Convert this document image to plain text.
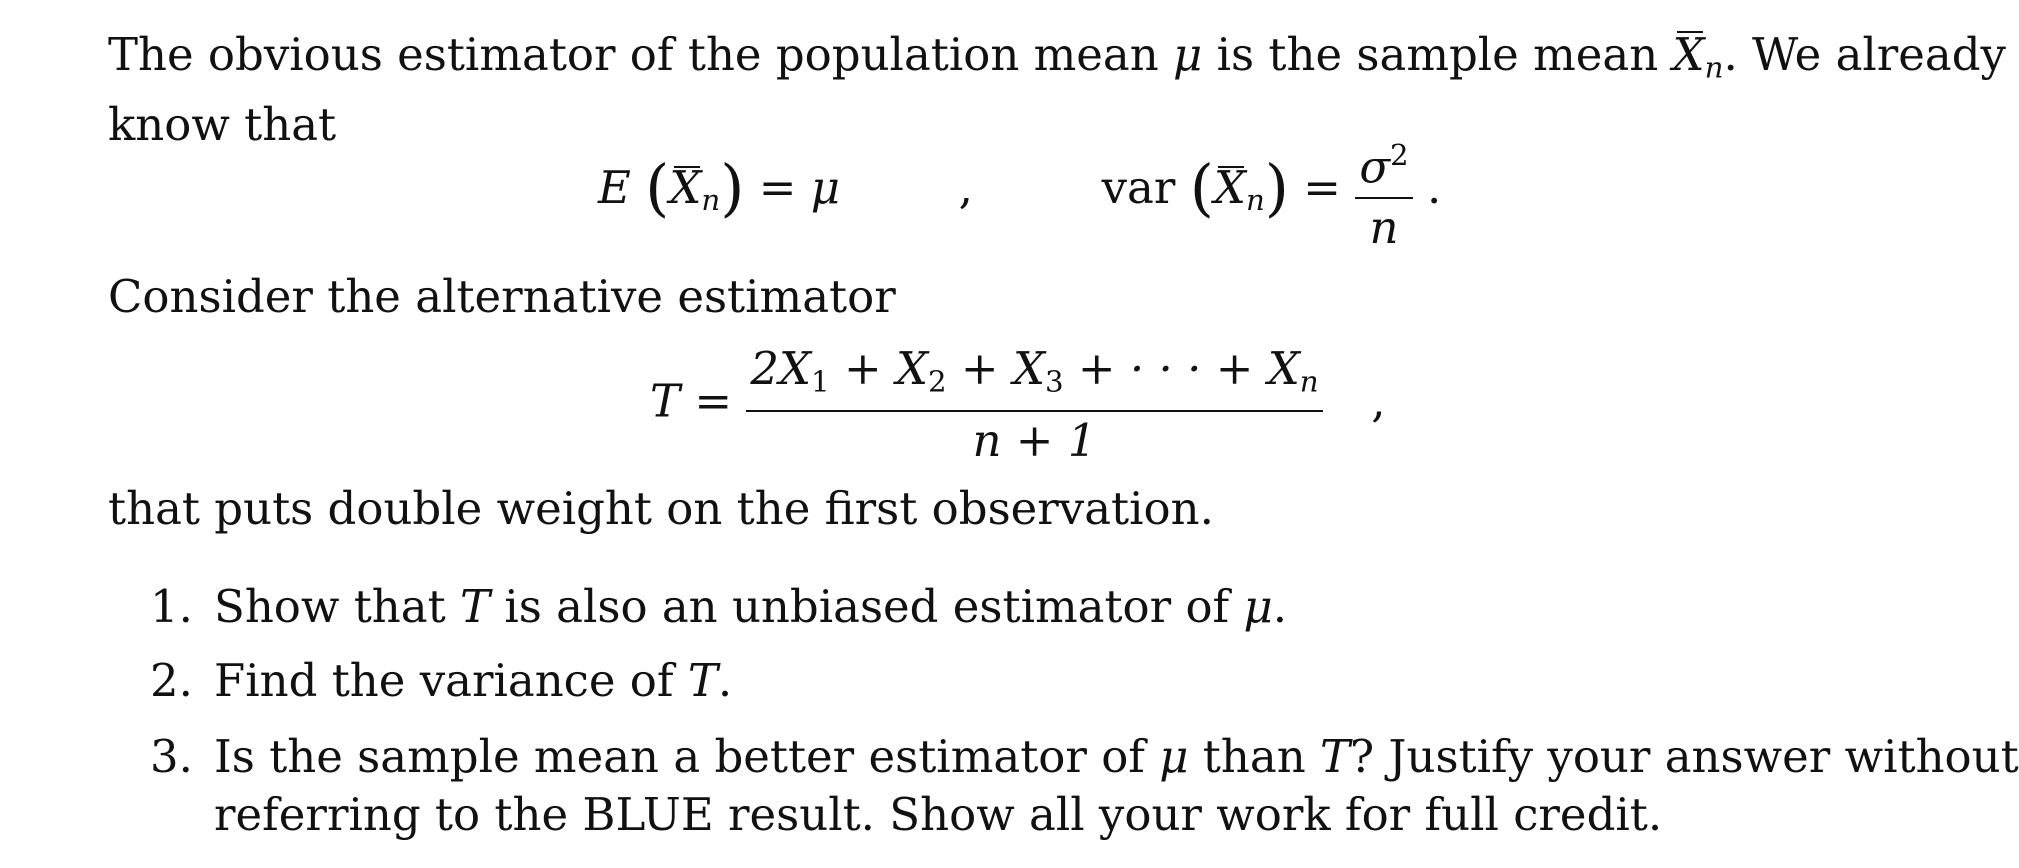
The obvious estimator of the population mean μ is the sample mean $X_n$. We already
know that
E $(X_n) = \mu$	,	var $(X_n) = \frac{\sigma^2}{n}$ .
Consider the alternative estimator
$T = \frac{2X_1 + X_2 + X_3 + \cdot \cdot \cdot + X_n}{n + 1}$ ,
that puts double weight on the first observation.
1. Show that T is also an unbiased estimator of μ.
2. Find the variance of T.
3. Is the sample mean a better estimator of μ than T? Justify your answer without
referring to the BLUE result. Show all your work for full credit.
